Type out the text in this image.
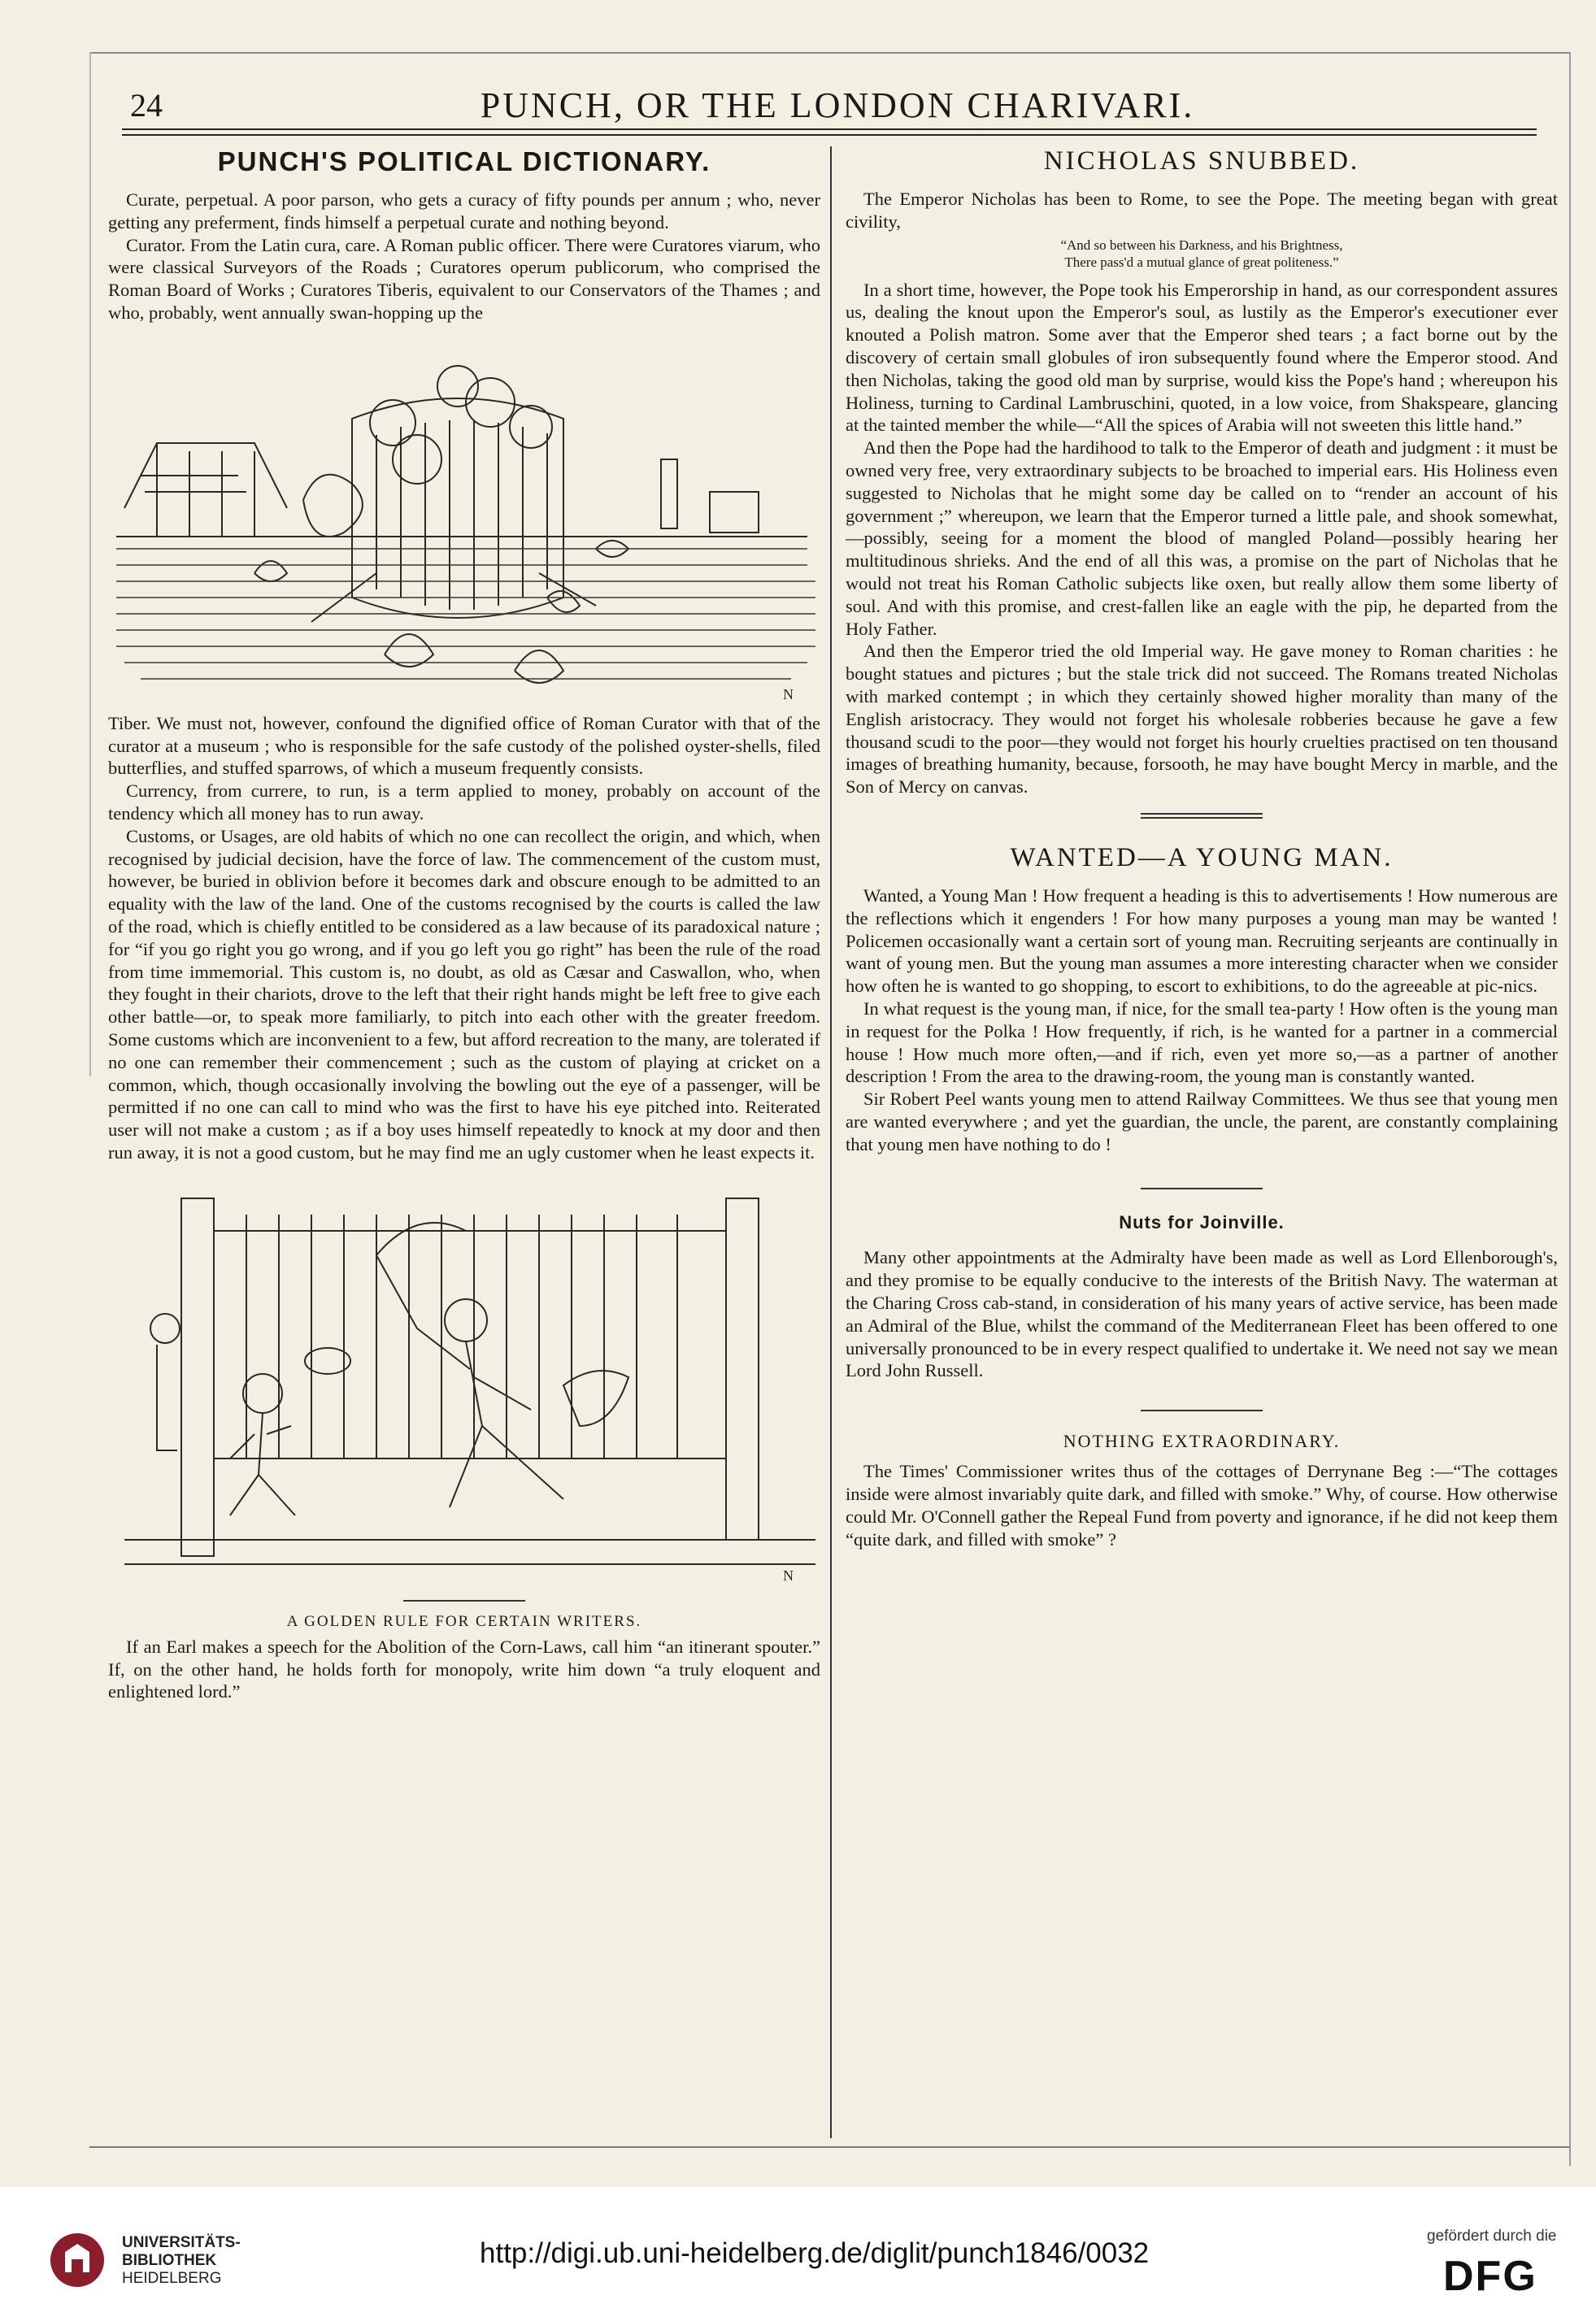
24	PUNCH, OR THE LONDON CHARIVARI.
PUNCH'S POLITICAL DICTIONARY.

Curate, perpetual. A poor parson, who gets a curacy of fifty pounds per annum ; who, never getting any preferment, finds himself a perpetual curate and nothing beyond.

Curator. From the Latin cura, care. A Roman public officer. There were Curatores viarum, who were classical Surveyors of the Roads ; Curatores operum publicorum, who comprised the Roman Board of Works ; Curatores Tiberis, equivalent to our Conservators of the Thames ; and who, probably, went annually swan-hopping up the

N

Tiber. We must not, however, confound the dignified office of Roman Curator with that of the curator at a museum ; who is responsible for the safe custody of the polished oyster-shells, filed butterflies, and stuffed sparrows, of which a museum frequently consists.

Currency, from currere, to run, is a term applied to money, probably on account of the tendency which all money has to run away.

Customs, or Usages, are old habits of which no one can recollect the origin, and which, when recognised by judicial decision, have the force of law. The commencement of the custom must, however, be buried in oblivion before it becomes dark and obscure enough to be admitted to an equality with the law of the land. One of the customs recognised by the courts is called the law of the road, which is chiefly entitled to be considered as a law because of its paradoxical nature ; for “if you go right you go wrong, and if you go left you go right” has been the rule of the road from time immemorial. This custom is, no doubt, as old as Cæsar and Caswallon, who, when they fought in their chariots, drove to the left that their right hands might be left free to give each other battle—or, to speak more familiarly, to pitch into each other with the greater freedom. Some customs which are inconvenient to a few, but afford recreation to the many, are tolerated if no one can remember their commencement ; such as the custom of playing at cricket on a common, which, though occasionally involving the bowling out the eye of a passenger, will be permitted if no one can call to mind who was the first to have his eye pitched into. Reiterated user will not make a custom ; as if a boy uses himself repeatedly to knock at my door and then run away, it is not a good custom, but he may find me an ugly customer when he least expects it.

N
A GOLDEN RULE FOR CERTAIN WRITERS.

If an Earl makes a speech for the Abolition of the Corn-Laws, call him “an itinerant spouter.” If, on the other hand, he holds forth for monopoly, write him down “a truly eloquent and enlightened lord.”

NICHOLAS SNUBBED.

The Emperor Nicholas has been to Rome, to see the Pope. The meeting began with great civility,

“And so between his Darkness, and his Brightness,
There pass'd a mutual glance of great politeness.”

In a short time, however, the Pope took his Emperorship in hand, as our correspondent assures us, dealing the knout upon the Emperor's soul, as lustily as the Emperor's executioner ever knouted a Polish matron. Some aver that the Emperor shed tears ; a fact borne out by the discovery of certain small globules of iron subsequently found where the Emperor stood. And then Nicholas, taking the good old man by surprise, would kiss the Pope's hand ; whereupon his Holiness, turning to Cardinal Lambruschini, quoted, in a low voice, from Shakspeare, glancing at the tainted member the while—“All the spices of Arabia will not sweeten this little hand.”

And then the Pope had the hardihood to talk to the Emperor of death and judgment : it must be owned very free, very extraordinary subjects to be broached to imperial ears. His Holiness even suggested to Nicholas that he might some day be called on to “render an account of his government ;” whereupon, we learn that the Emperor turned a little pale, and shook somewhat,—possibly, seeing for a moment the blood of mangled Poland—possibly hearing her multitudinous shrieks. And the end of all this was, a promise on the part of Nicholas that he would not treat his Roman Catholic subjects like oxen, but really allow them some liberty of soul. And with this promise, and crest-fallen like an eagle with the pip, he departed from the Holy Father.

And then the Emperor tried the old Imperial way. He gave money to Roman charities : he bought statues and pictures ; but the stale trick did not succeed. The Romans treated Nicholas with marked contempt ; in which they certainly showed higher morality than many of the English aristocracy. They would not forget his wholesale robberies because he gave a few thousand scudi to the poor—they would not forget his hourly cruelties practised on ten thousand images of breathing humanity, because, forsooth, he may have bought Mercy in marble, and the Son of Mercy on canvas.

WANTED—A YOUNG MAN.

Wanted, a Young Man ! How frequent a heading is this to advertisements ! How numerous are the reflections which it engenders ! For how many purposes a young man may be wanted ! Policemen occasionally want a certain sort of young man. Recruiting serjeants are continually in want of young men. But the young man assumes a more interesting character when we consider how often he is wanted to go shopping, to escort to exhibitions, to do the agreeable at pic-nics.

In what request is the young man, if nice, for the small tea-party ! How often is the young man in request for the Polka ! How frequently, if rich, is he wanted for a partner in a commercial house ! How much more often,—and if rich, even yet more so,—as a partner of another description ! From the area to the drawing-room, the young man is constantly wanted.

Sir Robert Peel wants young men to attend Railway Committees. We thus see that young men are wanted everywhere ; and yet the guardian, the uncle, the parent, are constantly complaining that young men have nothing to do !

Nuts for Joinville.

Many other appointments at the Admiralty have been made as well as Lord Ellenborough's, and they promise to be equally conducive to the interests of the British Navy. The waterman at the Charing Cross cab-stand, in consideration of his many years of active service, has been made an Admiral of the Blue, whilst the command of the Mediterranean Fleet has been offered to one universally pronounced to be in every respect qualified to undertake it. We need not say we mean Lord John Russell.

NOTHING EXTRAORDINARY.

The Times' Commissioner writes thus of the cottages of Derrynane Beg :—“The cottages inside were almost invariably quite dark, and filled with smoke.” Why, of course. How otherwise could Mr. O'Connell gather the Repeal Fund from poverty and ignorance, if he did not keep them “quite dark, and filled with smoke” ?

UNIVERSITÄTS-
BIBLIOTHEK
HEIDELBERG
http://digi.ub.uni-heidelberg.de/diglit/punch1846/0032
gefördert durch die
DFG
